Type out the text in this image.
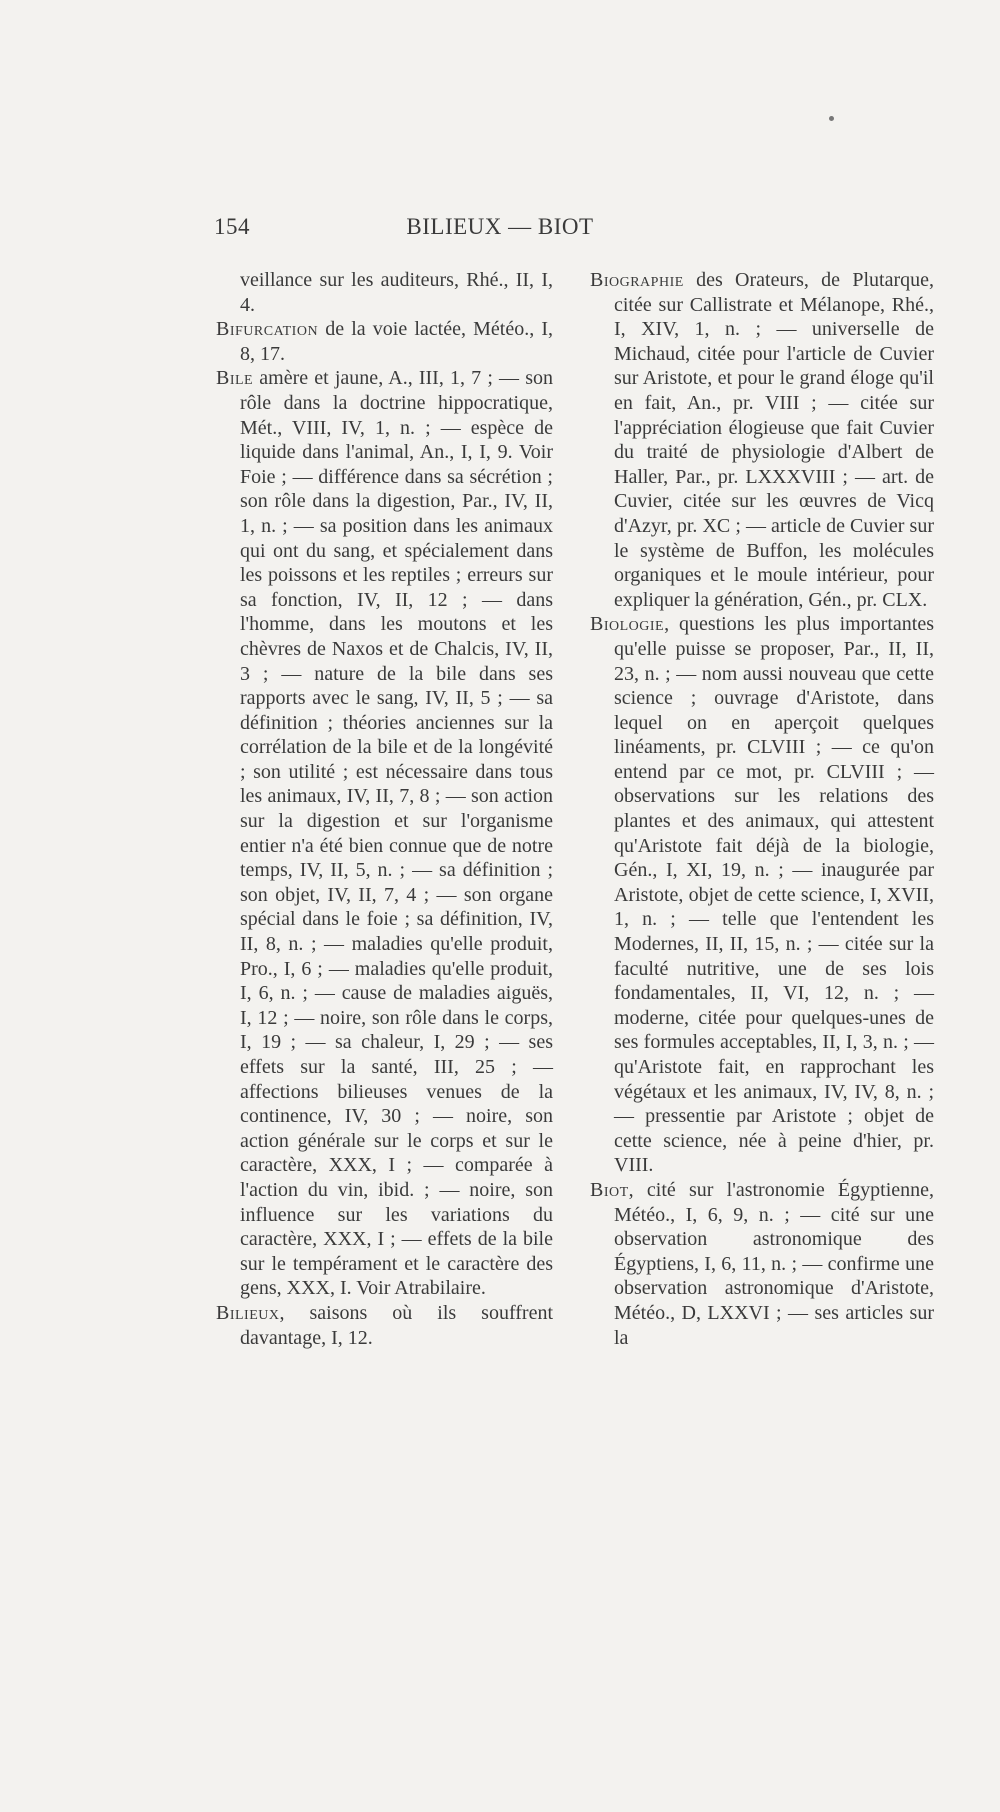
154	BILIEUX — BIOT

veillance sur les auditeurs, Rhé., II, I, 4.

Bifurcation de la voie lactée, Météo., I, 8, 17.

Bile amère et jaune, A., III, 1, 7 ; — son rôle dans la doctrine hippocratique, Mét., VIII, IV, 1, n. ; — espèce de liquide dans l'animal, An., I, I, 9. Voir Foie ; — différence dans sa sécrétion ; son rôle dans la digestion, Par., IV, II, 1, n. ; — sa position dans les animaux qui ont du sang, et spécialement dans les poissons et les reptiles ; erreurs sur sa fonction, IV, II, 12 ; — dans l'homme, dans les moutons et les chèvres de Naxos et de Chalcis, IV, II, 3 ; — nature de la bile dans ses rapports avec le sang, IV, II, 5 ; — sa définition ; théories anciennes sur la corrélation de la bile et de la longévité ; son utilité ; est nécessaire dans tous les animaux, IV, II, 7, 8 ; — son action sur la digestion et sur l'organisme entier n'a été bien connue que de notre temps, IV, II, 5, n. ; — sa définition ; son objet, IV, II, 7, 4 ; — son organe spécial dans le foie ; sa définition, IV, II, 8, n. ; — maladies qu'elle produit, Pro., I, 6 ; — maladies qu'elle produit, I, 6, n. ; — cause de maladies aiguës, I, 12 ; — noire, son rôle dans le corps, I, 19 ; — sa chaleur, I, 29 ; — ses effets sur la santé, III, 25 ; — affections bilieuses venues de la continence, IV, 30 ; — noire, son action générale sur le corps et sur le caractère, XXX, I ; — comparée à l'action du vin, ibid. ; — noire, son influence sur les variations du caractère, XXX, I ; — effets de la bile sur le tempérament et le caractère des gens, XXX, I. Voir Atrabilaire.

Bilieux, saisons où ils souffrent davantage, I, 12.

Biographie des Orateurs, de Plutarque, citée sur Callistrate et Mélanope, Rhé., I, XIV, 1, n. ; — universelle de Michaud, citée pour l'article de Cuvier sur Aristote, et pour le grand éloge qu'il en fait, An., pr. VIII ; — citée sur l'appréciation élogieuse que fait Cuvier du traité de physiologie d'Albert de Haller, Par., pr. LXXXVIII ; — art. de Cuvier, citée sur les œuvres de Vicq d'Azyr, pr. XC ; — article de Cuvier sur le système de Buffon, les molécules organiques et le moule intérieur, pour expliquer la génération, Gén., pr. CLX.

Biologie, questions les plus importantes qu'elle puisse se proposer, Par., II, II, 23, n. ; — nom aussi nouveau que cette science ; ouvrage d'Aristote, dans lequel on en aperçoit quelques linéaments, pr. CLVIII ; — ce qu'on entend par ce mot, pr. CLVIII ; — observations sur les relations des plantes et des animaux, qui attestent qu'Aristote fait déjà de la biologie, Gén., I, XI, 19, n. ; — inaugurée par Aristote, objet de cette science, I, XVII, 1, n. ; — telle que l'entendent les Modernes, II, II, 15, n. ; — citée sur la faculté nutritive, une de ses lois fondamentales, II, VI, 12, n. ; — moderne, citée pour quelques-unes de ses formules acceptables, II, I, 3, n. ; — qu'Aristote fait, en rapprochant les végétaux et les animaux, IV, IV, 8, n. ; — pressentie par Aristote ; objet de cette science, née à peine d'hier, pr. VIII.

Biot, cité sur l'astronomie Égyptienne, Météo., I, 6, 9, n. ; — cité sur une observation astronomique des Égyptiens, I, 6, 11, n. ; — confirme une observation astronomique d'Aristote, Météo., D, LXXVI ; — ses articles sur la
